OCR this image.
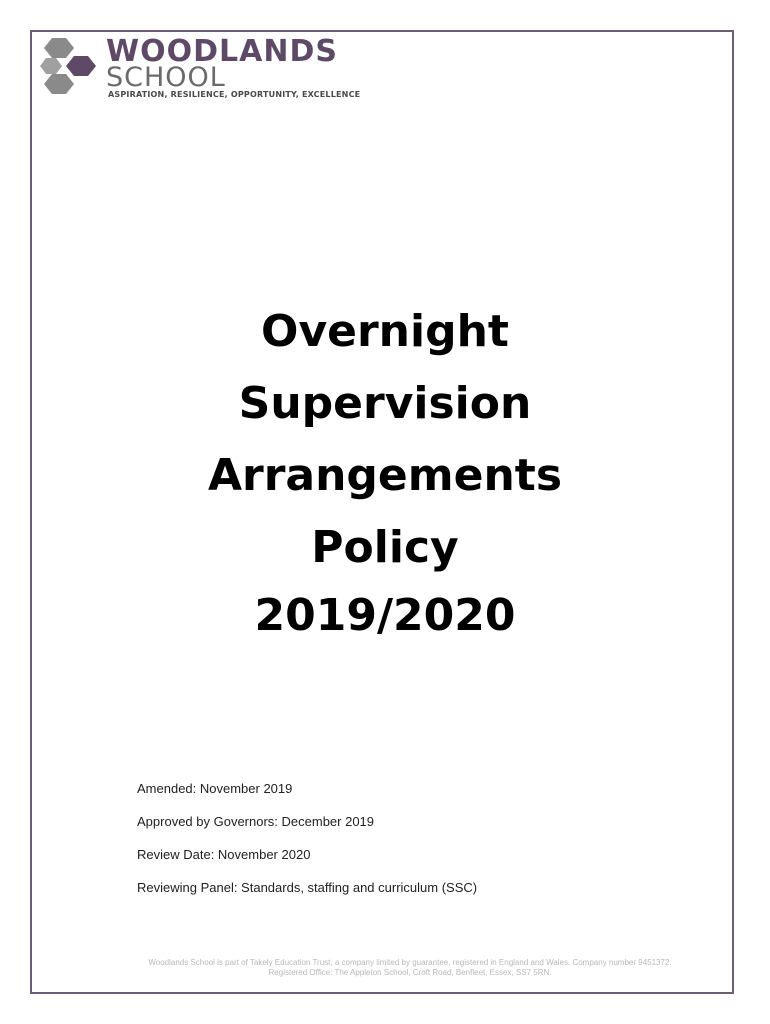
WOODLANDS
SCHOOL
ASPIRATION, RESILIENCE, OPPORTUNITY, EXCELLENCE
Overnight
Supervision
Arrangements
Policy
2019/2020
Amended: November 2019
Approved by Governors: December 2019
Review Date: November 2020
Reviewing Panel: Standards, staffing and curriculum (SSC)
Woodlands School is part of Takely Education Trust, a company limited by guarantee, registered in England and Wales. Company number 9451372.
Registered Office: The Appleton School, Croft Road, Benfleet, Essex, SS7 5RN.
